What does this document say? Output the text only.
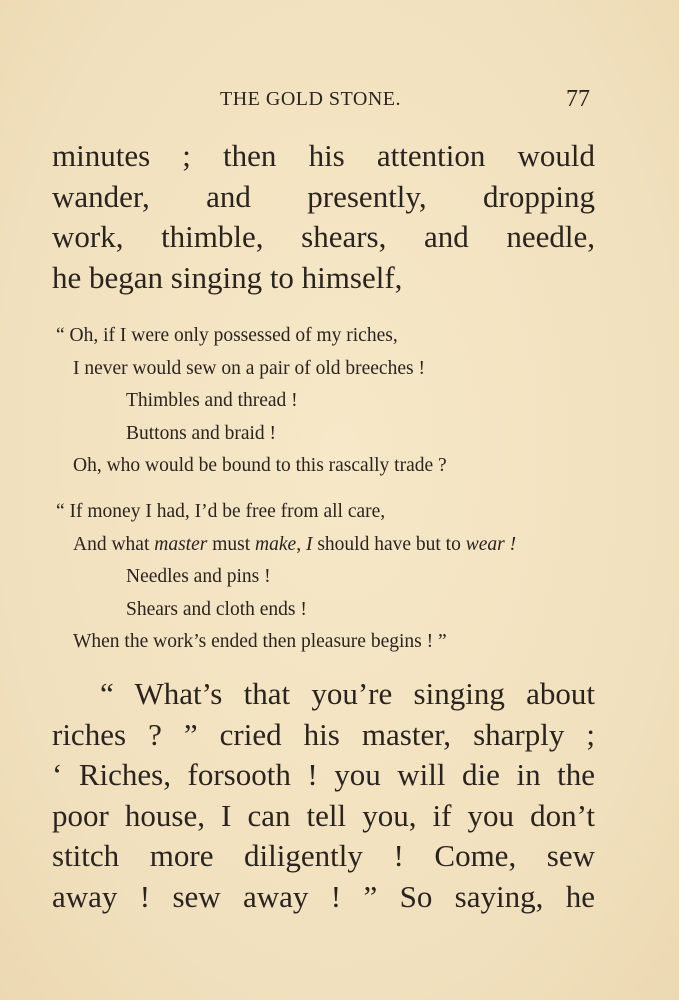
THE GOLD STONE.	77
minutes ; then his attention would
wander, and presently, dropping
work, thimble, shears, and needle,
he began singing to himself,
“ Oh, if I were only possessed of my riches,
I never would sew on a pair of old breeches !
Thimbles and thread !
Buttons and braid !
Oh, who would be bound to this rascally trade ?
“ If money I had, I’d be free from all care,
And what master must make, I should have but to wear !
Needles and pins !
Shears and cloth ends !
When the work’s ended then pleasure begins ! ”
“ What’s that you’re singing about
riches ? ” cried his master, sharply ;
‘ Riches, forsooth ! you will die in the
poor house, I can tell you, if you don’t
stitch more diligently ! Come, sew
away ! sew away ! ” So saying, he
